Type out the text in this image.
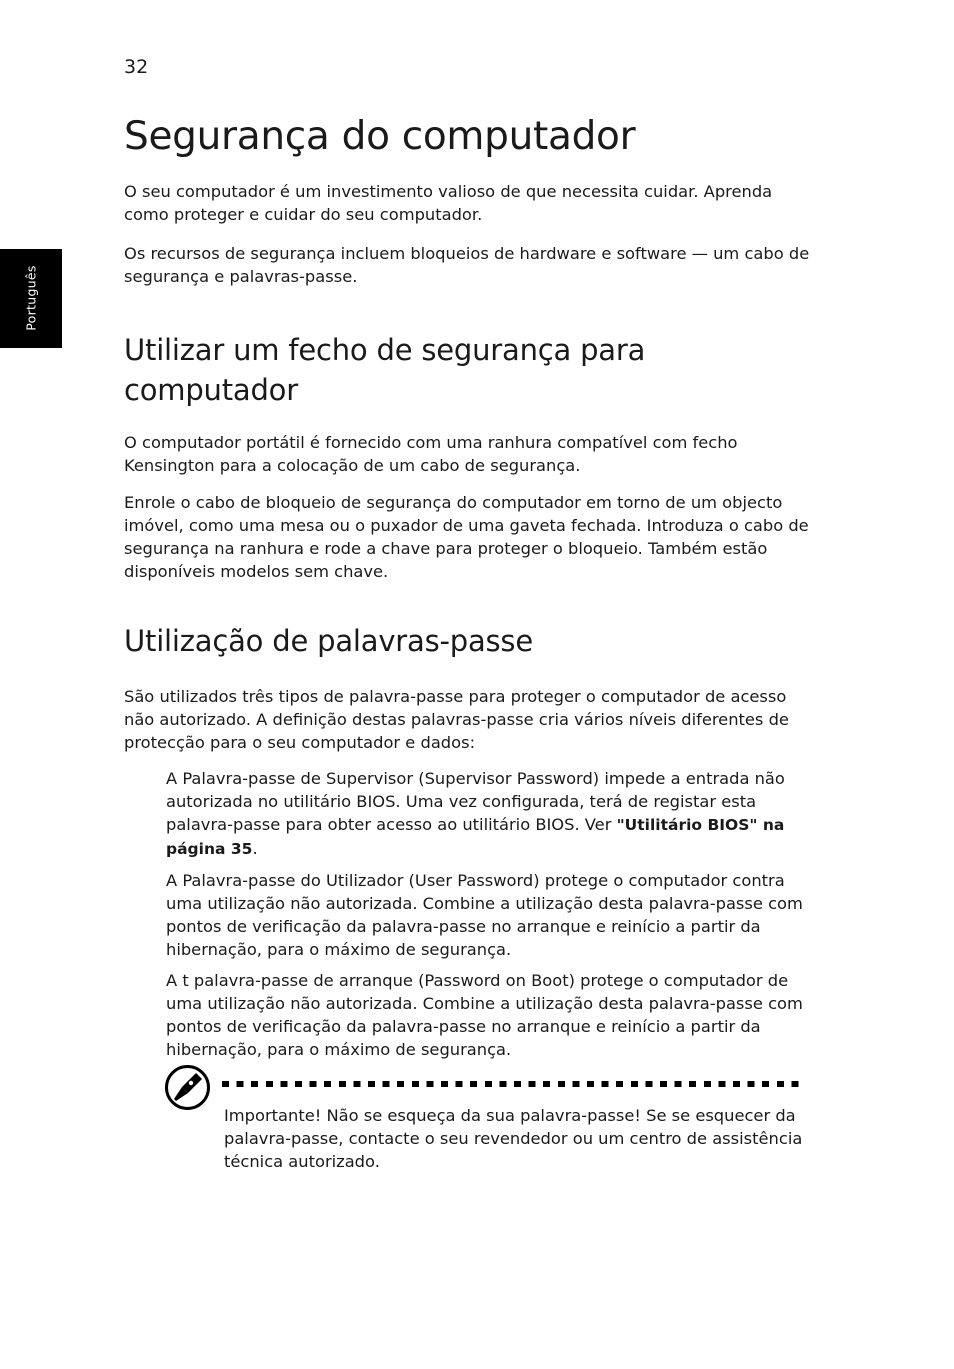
32
Português
Segurança do computador

O seu computador é um investimento valioso de que necessita cuidar. Aprenda como proteger e cuidar do seu computador.

Os recursos de segurança incluem bloqueios de hardware e software — um cabo de segurança e palavras-passe.

Utilizar um fecho de segurança para computador

O computador portátil é fornecido com uma ranhura compatível com fecho Kensington para a colocação de um cabo de segurança.

Enrole o cabo de bloqueio de segurança do computador em torno de um objecto imóvel, como uma mesa ou o puxador de uma gaveta fechada. Introduza o cabo de segurança na ranhura e rode a chave para proteger o bloqueio. Também estão disponíveis modelos sem chave.

Utilização de palavras-passe

São utilizados três tipos de palavra-passe para proteger o computador de acesso não autorizado. A definição destas palavras-passe cria vários níveis diferentes de protecção para o seu computador e dados:

A Palavra-passe de Supervisor (Supervisor Password) impede a entrada não autorizada no utilitário BIOS. Uma vez configurada, terá de registar esta palavra-passe para obter acesso ao utilitário BIOS. Ver "Utilitário BIOS" na página 35.

A Palavra-passe do Utilizador (User Password) protege o computador contra uma utilização não autorizada. Combine a utilização desta palavra-passe com pontos de verificação da palavra-passe no arranque e reinício a partir da hibernação, para o máximo de segurança.

A t palavra-passe de arranque (Password on Boot) protege o computador de uma utilização não autorizada. Combine a utilização desta palavra-passe com pontos de verificação da palavra-passe no arranque e reinício a partir da hibernação, para o máximo de segurança.

Importante! Não se esqueça da sua palavra-passe! Se se esquecer da palavra-passe, contacte o seu revendedor ou um centro de assistência técnica autorizado.
